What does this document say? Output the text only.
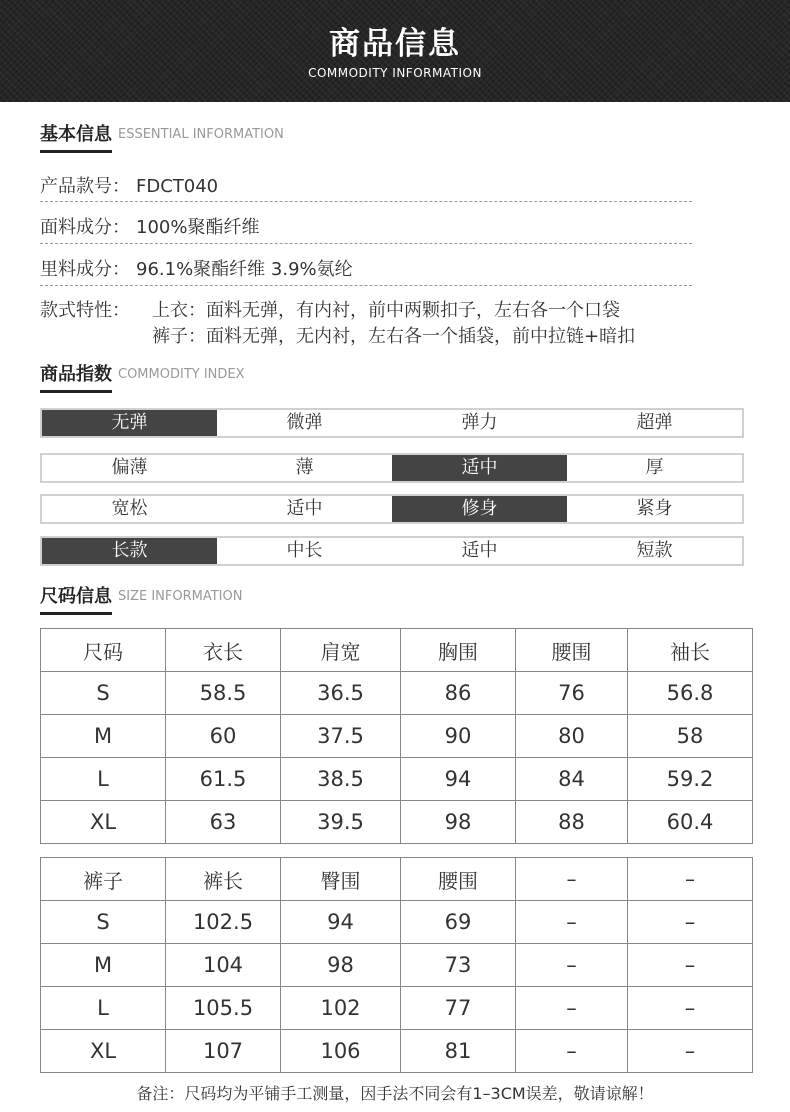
商品信息
COMMODITY INFORMATION
基本信息 ESSENTIAL INFORMATION
产品款号： FDCT040
面料成分： 100%聚酯纤维
里料成分： 96.1%聚酯纤维 3.9%氨纶
款式特性： 上衣：面料无弹，有内衬，前中两颗扣子，左右各一个口袋
裤子：面料无弹，无内衬，左右各一个插袋，前中拉链+暗扣
商品指数 COMMODITY INDEX
无弹	微弹	弹力	超弹
偏薄	薄	适中	厚
宽松	适中	修身	紧身
长款	中长	适中	短款
尺码信息 SIZE INFORMATION
尺码	衣长	肩宽	胸围	腰围	袖长
S	58.5	36.5	86	76	56.8
M	60	37.5	90	80	58
L	61.5	38.5	94	84	59.2
XL	63	39.5	98	88	60.4
裤子	裤长	臀围	腰围	–	–
S	102.5	94	69	–	–
M	104	98	73	–	–
L	105.5	102	77	–	–
XL	107	106	81	–	–
备注：尺码均为平铺手工测量，因手法不同会有1–3CM误差，敬请谅解！
